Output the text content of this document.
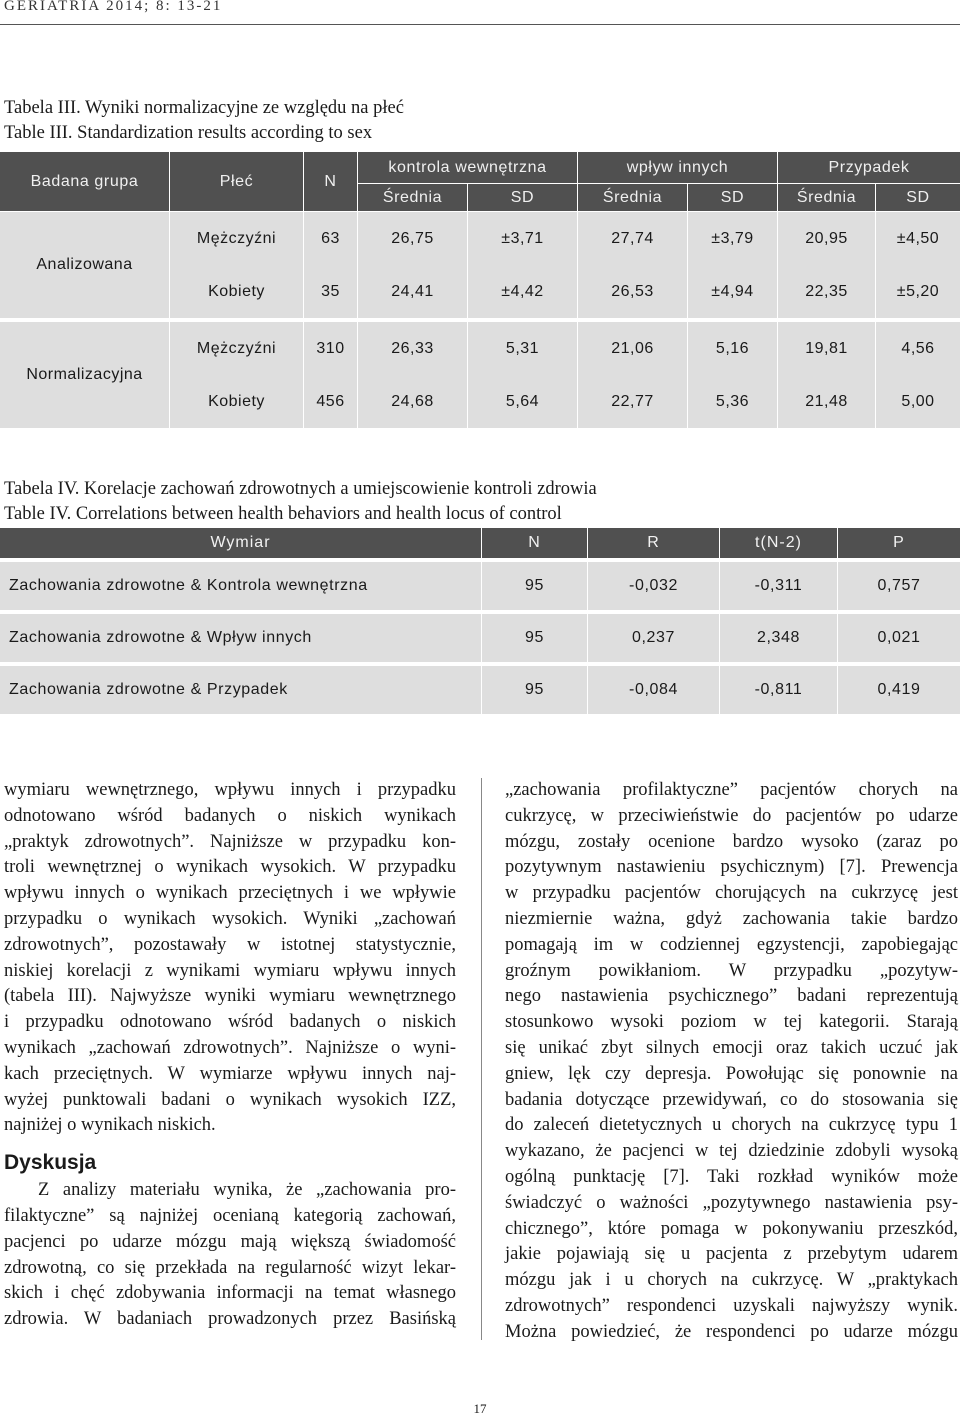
GERIATRIA 2014; 8: 13-21
Tabela III. Wyniki normalizacyjne ze względu na płeć
Table III. Standardization results according to sex
Badana grupa	Płeć	N	kontrola wewnętrzna		wpływ innych		Przypadek	
			Średnia	SD	Średnia	SD	Średnia	SD
Analizowana	Mężczyźni	63	26,75	±3,71	27,74	±3,79	20,95	±4,50
	Kobiety	35	24,41	±4,42	26,53	±4,94	22,35	±5,20

Normalizacyjna	Mężczyźni	310	26,33	5,31	21,06	5,16	19,81	4,56
	Kobiety	456	24,68	5,64	22,77	5,36	21,48	5,00
Tabela IV. Korelacje zachowań zdrowotnych a umiejscowienie kontroli zdrowia
Table IV. Correlations between health behaviors and health locus of control
Wymiar	N	R	t(N-2)	P

Zachowania zdrowotne & Kontrola wewnętrzna	95	-0,032	-0,311	0,757

Zachowania zdrowotne & Wpływ innych	95	0,237	2,348	0,021

Zachowania zdrowotne & Przypadek	95	-0,084	-0,811	0,419
wymiaru wewnętrznego, wpływu innych i przypadku
odnotowano wśród badanych o niskich wynikach
„praktyk zdrowotnych”. Najniższe w przypadku kon-
troli wewnętrznej o wynikach wysokich. W przypadku
wpływu innych o wynikach przeciętnych i we wpływie
przypadku o wynikach wysokich. Wyniki „zachowań
zdrowotnych”, pozostawały w istotnej statystycznie,
niskiej korelacji z wynikami wymiaru wpływu innych
(tabela III). Najwyższe wyniki wymiaru wewnętrznego
i przypadku odnotowano wśród badanych o niskich
wynikach „zachowań zdrowotnych”. Najniższe o wyni-
kach przeciętnych. W wymiarze wpływu innych naj-
wyżej punktowali badani o wynikach wysokich IZZ,
najniżej o wynikach niskich.
Dyskusja
Z analizy materiału wynika, że „zachowania pro-
filaktyczne” są najniżej ocenianą kategorią zachowań,
pacjenci po udarze mózgu mają większą świadomość
zdrowotną, co się przekłada na regularność wizyt lekar-
skich i chęć zdobywania informacji na temat własnego
zdrowia. W badaniach prowadzonych przez Basińską
„zachowania profilaktyczne” pacjentów chorych na
cukrzycę, w przeciwieństwie do pacjentów po udarze
mózgu, zostały ocenione bardzo wysoko (zaraz po
pozytywnym nastawieniu psychicznym) [7]. Prewencja
w przypadku pacjentów chorujących na cukrzycę jest
niezmiernie ważna, gdyż zachowania takie bardzo
pomagają im w codziennej egzystencji, zapobiegając
groźnym powikłaniom. W przypadku „pozytyw-
nego nastawienia psychicznego” badani reprezentują
stosunkowo wysoki poziom w tej kategorii. Starają
się unikać zbyt silnych emocji oraz takich uczuć jak
gniew, lęk czy depresja. Powołując się ponownie na
badania dotyczące przewidywań, co do stosowania się
do zaleceń dietetycznych u chorych na cukrzycę typu 1
wykazano, że pacjenci w tej dziedzinie zdobyli wysoką
ogólną punktację [7]. Taki rozkład wyników może
świadczyć o ważności „pozytywnego nastawienia psy-
chicznego”, które pomaga w pokonywaniu przeszkód,
jakie pojawiają się u pacjenta z przebytym udarem
mózgu jak i u chorych na cukrzycę. W „praktykach
zdrowotnych” respondenci uzyskali najwyższy wynik.
Można powiedzieć, że respondenci po udarze mózgu
17
